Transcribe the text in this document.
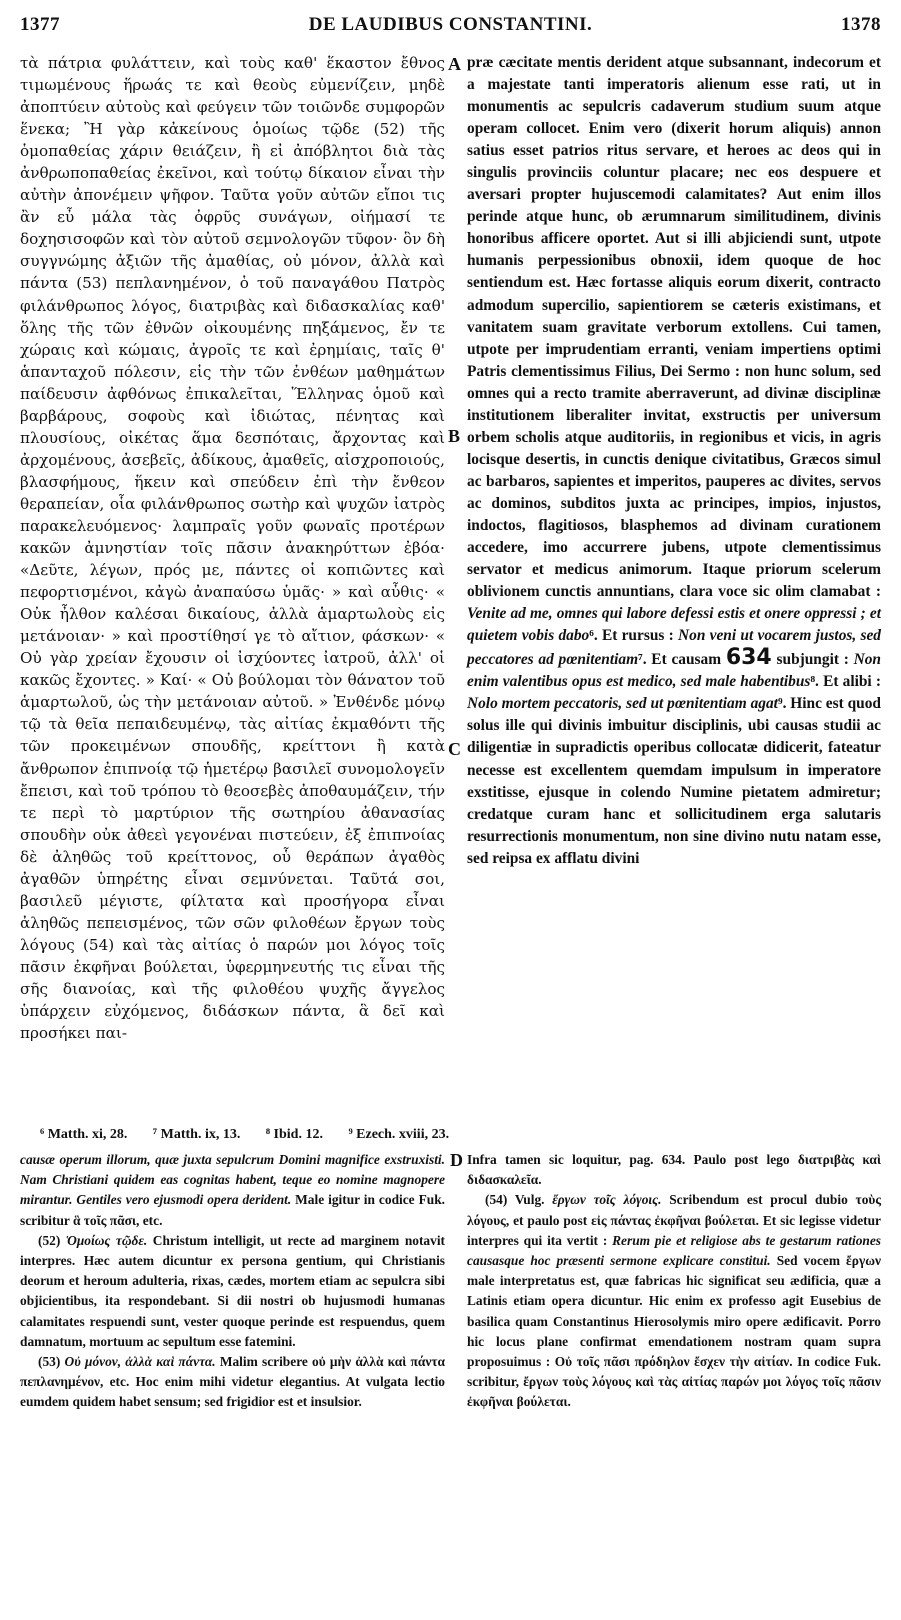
1377	DE LAUDIBUS CONSTANTINI.	1378
τὰ πάτρια φυλάττειν, καὶ τοὺς καθ' ἕκαστον ἔθνος τιμωμένους ἥρωάς τε καὶ θεοὺς εὐμενίζειν, μηδὲ ἀποπτύειν αὐτοὺς καὶ φεύγειν τῶν τοιῶνδε συμφορῶν ἕνεκα; Ἢ γὰρ κἀκείνους ὁμοίως τῷδε (52) τῆς ὁμοπαθείας χάριν θειάζειν, ἢ εἰ ἀπόβλητοι διὰ τὰς ἀνθρωποπαθείας ἐκεῖνοι, καὶ τούτῳ δίκαιον εἶναι τὴν αὐτὴν ἀπονέμειν ψῆφον. Ταῦτα γοῦν αὐτῶν εἴποι τις ἂν εὖ μάλα τὰς ὀφρῦς συνάγων, οἰήμασί τε δοχησισοφῶν καὶ τὸν αὐτοῦ σεμνολογῶν τῦφον· ὃν δὴ συγγνώμης ἀξιῶν τῆς ἀμαθίας, οὐ μόνον, ἀλλὰ καὶ πάντα (53) πεπλανημένον, ὁ τοῦ παναγάθου Πατρὸς φιλάνθρωπος λόγος, διατριβὰς καὶ διδασκαλίας καθ' ὅλης τῆς τῶν ἐθνῶν οἰκουμένης πηξάμενος, ἔν τε χώραις καὶ κώμαις, ἀγροῖς τε καὶ ἐρημίαις, ταῖς θ' ἁπανταχοῦ πόλεσιν, εἰς τὴν τῶν ἐνθέων μαθημάτων παίδευσιν ἀφθόνως ἐπικαλεῖται, Ἕλληνας ὁμοῦ καὶ βαρβάρους, σοφοὺς καὶ ἰδιώτας, πένητας καὶ πλουσίους, οἰκέτας ἅμα δεσπόταις, ἄρχοντας καὶ ἀρχομένους, ἀσεβεῖς, ἀδίκους, ἀμαθεῖς, αἰσχροποιούς, βλασφήμους, ἥκειν καὶ σπεύδειν ἐπὶ τὴν ἔνθεον θεραπείαν, οἷα φιλάνθρωπος σωτὴρ καὶ ψυχῶν ἰατρὸς παρακελευόμενος· λαμπραῖς γοῦν φωναῖς προτέρων κακῶν ἀμνηστίαν τοῖς πᾶσιν ἀνακηρύττων ἐβόα· «Δεῦτε, λέγων, πρός με, πάντες οἱ κοπιῶντες καὶ πεφορτισμένοι, κἀγὼ ἀναπαύσω ὑμᾶς· » καὶ αὖθις· « Οὐκ ἦλθον καλέσαι δικαίους, ἀλλὰ ἁμαρτωλοὺς εἰς μετάνοιαν· » καὶ προστίθησί γε τὸ αἴτιον, φάσκων· « Οὐ γὰρ χρείαν ἔχουσιν οἱ ἰσχύοντες ἰατροῦ, ἀλλ' οἱ κακῶς ἔχοντες. » Καί· « Οὐ βούλομαι τὸν θάνατον τοῦ ἁμαρτωλοῦ, ὡς τὴν μετάνοιαν αὐτοῦ. » Ἐνθένδε μόνῳ τῷ τὰ θεῖα πεπαιδευμένῳ, τὰς αἰτίας ἐκμαθόντι τῆς τῶν προκειμένων σπουδῆς, κρείττονι ἢ κατὰ ἄνθρωπον ἐπιπνοίᾳ τῷ ἡμετέρῳ βασιλεῖ συνομολογεῖν ἔπεισι, καὶ τοῦ τρόπου τὸ θεοσεβὲς ἀποθαυμάζειν, τήν τε περὶ τὸ μαρτύριον τῆς σωτηρίου ἀθανασίας σπουδὴν οὐκ ἀθεεὶ γεγονέναι πιστεύειν, ἐξ ἐπιπνοίας δὲ ἀληθῶς τοῦ κρείττονος, οὗ θεράπων ἀγαθὸς ἀγαθῶν ὑπηρέτης εἶναι σεμνύνεται. Ταῦτά σοι, βασιλεῦ μέγιστε, φίλτατα καὶ προσήγορα εἶναι ἀληθῶς πεπεισμένος, τῶν σῶν φιλοθέων ἔργων τοὺς λόγους (54) καὶ τὰς αἰτίας ὁ παρών μοι λόγος τοῖς πᾶσιν ἐκφῆναι βούλεται, ὑφερμηνευτής τις εἶναι τῆς σῆς διανοίας, καὶ τῆς φιλοθέου ψυχῆς ἄγγελος ὑπάρχειν εὐχόμενος, διδάσκων πάντα, ἃ δεῖ καὶ προσήκει παι-
A
B
C
D
præ cæcitate mentis derident atque subsannant, indecorum et a majestate tanti imperatoris alienum esse rati, ut in monumentis ac sepulcris cadaverum studium suum atque operam collocet. Enim vero (dixerit horum aliquis) annon satius esset patrios ritus servare, et heroes ac deos qui in singulis provinciis coluntur placare; nec eos despuere et aversari propter hujuscemodi calamitates? Aut enim illos perinde atque hunc, ob ærumnarum similitudinem, divinis honoribus afficere oportet. Aut si illi abjiciendi sunt, utpote humanis perpessionibus obnoxii, idem quoque de hoc sentiendum est. Hæc fortasse aliquis eorum dixerit, contracto admodum supercilio, sapientiorem se cæteris existimans, et vanitatem suam gravitate verborum extollens. Cui tamen, utpote per imprudentiam erranti, veniam impertiens optimi Patris clementissimus Filius, Dei Sermo : non hunc solum, sed omnes qui a recto tramite aberraverunt, ad divinæ disciplinæ institutionem liberaliter invitat, exstructis per universum orbem scholis atque auditoriis, in regionibus et vicis, in agris locisque desertis, in cunctis denique civitatibus, Græcos simul ac barbaros, sapientes et imperitos, pauperes ac divites, servos ac dominos, subditos juxta ac principes, impios, injustos, indoctos, flagitiosos, blasphemos ad divinam curationem accedere, imo accurrere jubens, utpote clementissimus servator et medicus animorum. Itaque priorum scelerum oblivionem cunctis annuntians, clara voce sic olim clamabat : Venite ad me, omnes qui labore defessi estis et onere oppressi ; et quietem vobis dabo⁶. Et rursus : Non veni ut vocarem justos, sed peccatores ad pœnitentiam⁷. Et causam 634 subjungit : Non enim valentibus opus est medico, sed male habentibus⁸. Et alibi : Nolo mortem peccatoris, sed ut pœnitentiam agat⁹. Hinc est quod solus ille qui divinis imbuitur disciplinis, ubi causas studii ac diligentiæ in supradictis operibus collocatæ didicerit, fateatur necesse est excellentem quemdam impulsum in imperatore exstitisse, ejusque in colendo Numine pietatem admiretur; credatque curam hanc et sollicitudinem erga salutaris resurrectionis monumentum, non sine divino nutu natam esse, sed reipsa ex afflatu divini
⁶ Matth. xi, 28. ⁷ Matth. ix, 13. ⁸ Ibid. 12. ⁹ Ezech. xviii, 23.

causæ operum illorum, quæ juxta sepulcrum Domini magnifice exstruxisti. Nam Christiani quidem eas cognitas habent, teque eo nomine magnopere mirantur. Gentiles vero ejusmodi opera derident. Male igitur in codice Fuk. scribitur ἃ τοῖς πᾶσι, etc.

(52) Ὁμοίως τῷδε. Christum intelligit, ut recte ad marginem notavit interpres. Hæc autem dicuntur ex persona gentium, qui Christianis deorum et heroum adulteria, rixas, cædes, mortem etiam ac sepulcra sibi objicientibus, ita respondebant. Si dii nostri ob hujusmodi humanas calamitates respuendi sunt, vester quoque perinde est respuendus, quem damnatum, mortuum ac sepultum esse fatemini.

(53) Οὐ μόνον, ἀλλὰ καὶ πάντα. Malim scribere οὐ μὴν ἀλλὰ καὶ πάντα πεπλανημένον, etc. Hoc enim mihi videtur elegantius. At vulgata lectio eumdem quidem habet sensum; sed frigidior est et insulsior.

Infra tamen sic loquitur, pag. 634. Paulo post lego διατριβὰς καὶ διδασκαλεῖα.

(54) Vulg. ἔργων τοῖς λόγοις. Scribendum est procul dubio τοὺς λόγους, et paulo post εἰς πάντας ἐκφῆναι βούλεται. Et sic legisse videtur interpres qui ita vertit : Rerum pie et religiose abs te gestarum rationes causasque hoc præsenti sermone explicare constitui. Sed vocem ἔργων male interpretatus est, quæ fabricas hic significat seu ædificia, quæ a Latinis etiam opera dicuntur. Hic enim ex professo agit Eusebius de basilica quam Constantinus Hierosolymis miro opere ædificavit. Porro hic locus plane confirmat emendationem nostram quam supra proposuimus : Οὐ τοῖς πᾶσι πρόδηλον ἔσχεν τὴν αἰτίαν. In codice Fuk. scribitur, ἔργων τοὺς λόγους καὶ τὰς αἰτίας παρών μοι λόγος τοῖς πᾶσιν ἐκφῆναι βούλεται.
